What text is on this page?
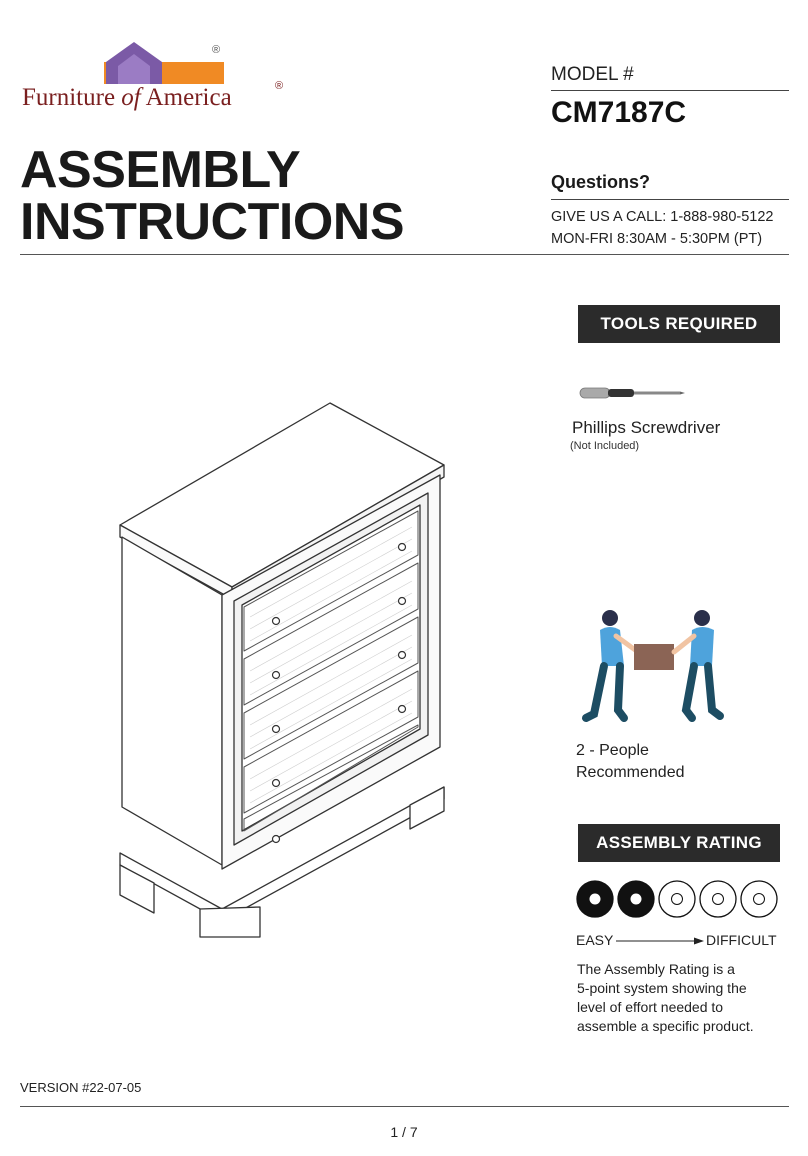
®
Furniture of America	®
ASSEMBLY
INSTRUCTIONS
MODEL #
CM7187C
Questions?
GIVE US A CALL: 1-888-980-5122
MON-FRI 8:30AM - 5:30PM (PT)
TOOLS REQUIRED
Phillips Screwdriver
(Not Included)
2 - People
Recommended
ASSEMBLY RATING
EASY	DIFFICULT
The Assembly Rating is a
5-point system showing the
level of effort needed to
assemble a specific product.
VERSION #22-07-05
1 / 7
